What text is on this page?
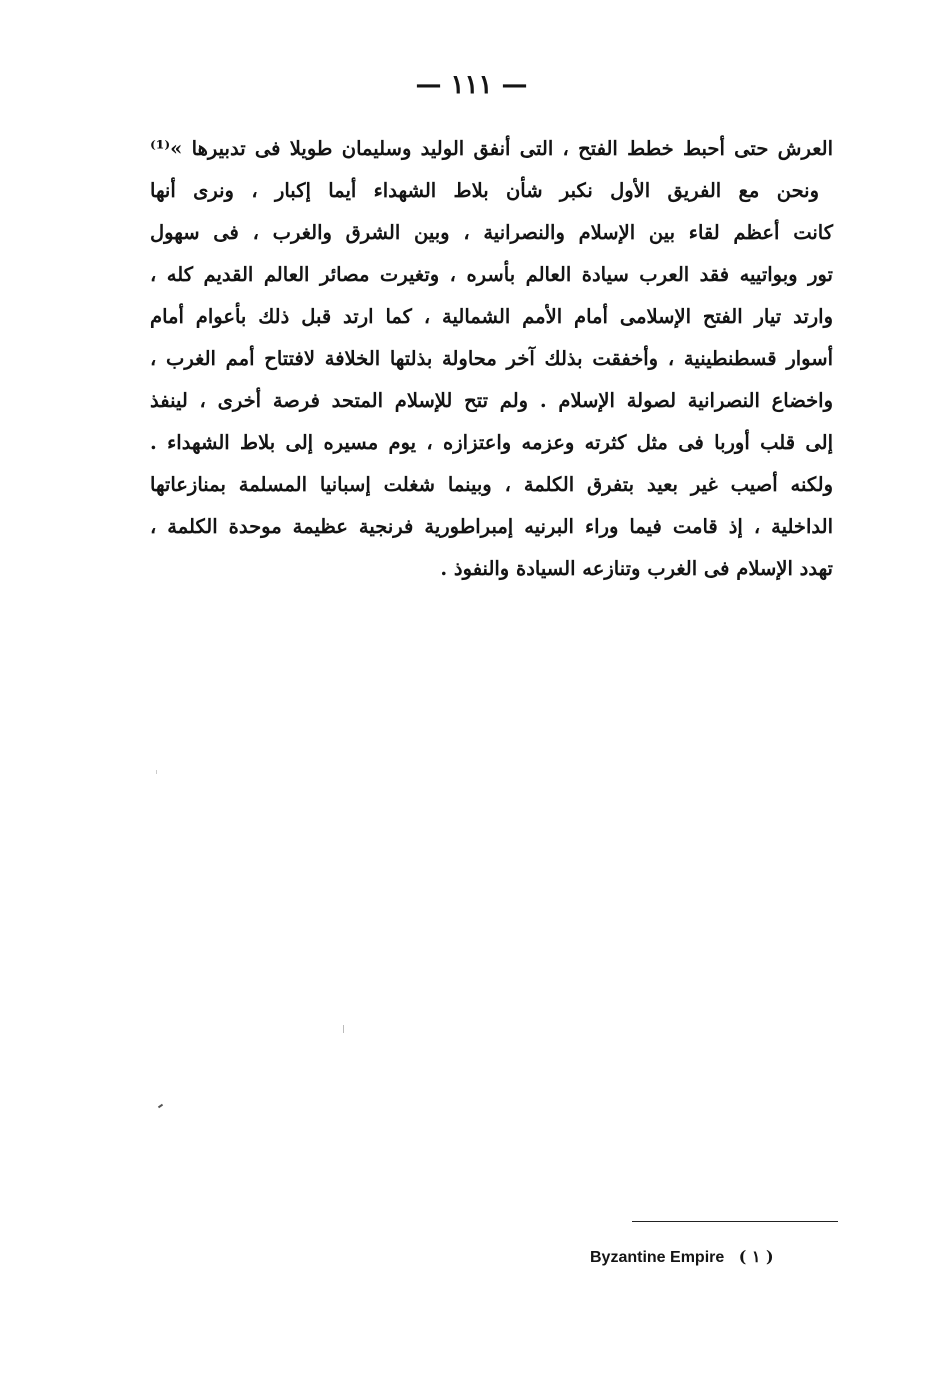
— ١١١ —
العرش حتى أحبط خطط الفتح ، التى أنفق الوليد وسليمان طويلا فى تدبيرها »⁽¹⁾
ونحن مع الفريق الأول نكبر شأن بلاط الشهداء أيما إكبار ، ونرى أنها
كانت أعظم لقاء بين الإسلام والنصرانية ، وبين الشرق والغرب ، فى سهول
تور وبواتييه فقد العرب سيادة العالم بأسره ، وتغيرت مصائر العالم القديم كله ،
وارتد تيار الفتح الإسلامى أمام الأمم الشمالية ، كما ارتد قبل ذلك بأعوام أمام
أسوار قسطنطينية ، وأخفقت بذلك آخر محاولة بذلتها الخلافة لافتتاح أمم الغرب ،
واخضاع النصرانية لصولة الإسلام . ولم تتح للإسلام المتحد فرصة أخرى ، لينفذ
إلى قلب أوربا فى مثل كثرته وعزمه واعتزازه ، يوم مسيره إلى بلاط الشهداء .
ولكنه أصيب غير بعيد بتفرق الكلمة ، وبينما شغلت إسبانيا المسلمة بمنازعاتها
الداخلية ، إذ قامت فيما وراء البرنيه إمبراطورية فرنجية عظيمة موحدة الكلمة ،
تهدد الإسلام فى الغرب وتنازعه السيادة والنفوذ .
Byzantine Empire ( ١ )
